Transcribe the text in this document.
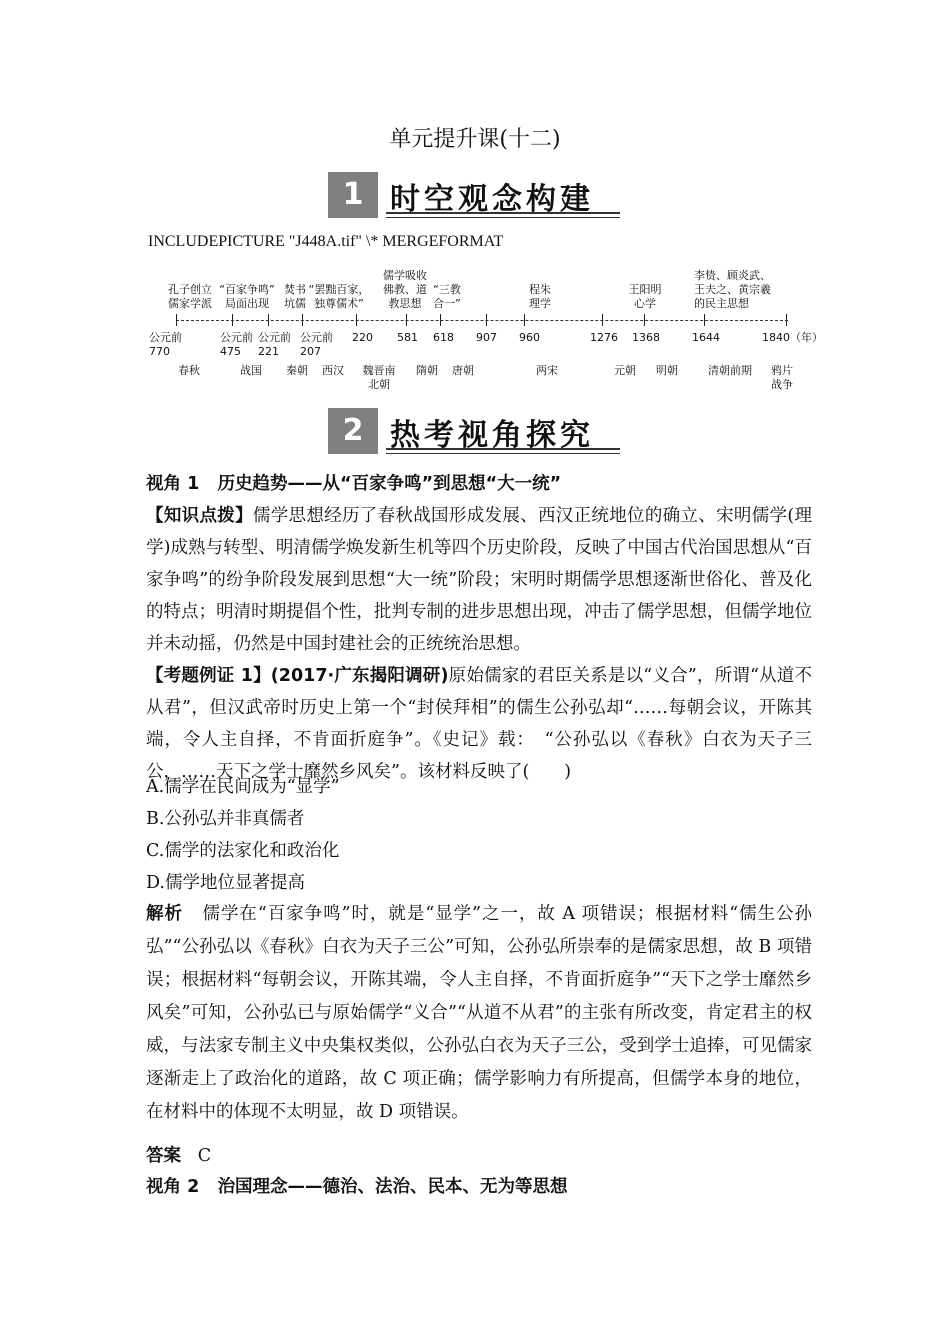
单元提升课(十二)
1 时空观念构建
INCLUDEPICTURE "J448A.tif" \* MERGEFORMAT
孔子创立
儒家学派
“百家争鸣”
局面出现
焚书
坑儒
“罢黜百家，
独尊儒术”
儒学吸收
佛教、道
教思想
“三教
合一”
程朱
理学
王阳明
心学
李贽、顾炎武、
王夫之、黄宗羲
的民主思想
公元前
770
公元前
475
公元前
221
公元前
207
220 581 618 907 960	1276 1368	1644	1840（年）
春秋	战国 秦朝 西汉	魏晋南
北朝
隋朝 唐朝	两宋	元朝 明朝	清朝前期 鸦片
战争
2 热考视角探究
视角 1 历史趋势——从“百家争鸣”到思想“大一统”
【知识点拨】儒学思想经历了春秋战国形成发展、西汉正统地位的确立、宋明儒学(理学)成熟与转型、明清儒学焕发新生机等四个历史阶段，反映了中国古代治国思想从“百家争鸣”的纷争阶段发展到思想“大一统”阶段；宋明时期儒学思想逐渐世俗化、普及化的特点；明清时期提倡个性，批判专制的进步思想出现，冲击了儒学思想，但儒学地位并未动摇，仍然是中国封建社会的正统统治思想。
【考题例证 1】(2017·广东揭阳调研)原始儒家的君臣关系是以“义合”，所谓“从道不从君”，但汉武帝时历史上第一个“封侯拜相”的儒生公孙弘却“……每朝会议，开陈其端，令人主自择，不肯面折庭争”。《史记》载：　“公孙弘以《春秋》白衣为天子三公，……天下之学士靡然乡风矣”。该材料反映了(　　)
A.儒学在民间成为“显学”
B.公孙弘并非真儒者
C.儒学的法家化和政治化
D.儒学地位显著提高
解析 儒学在“百家争鸣”时，就是“显学”之一，故 A 项错误；根据材料“儒生公孙弘”“公孙弘以《春秋》白衣为天子三公”可知，公孙弘所崇奉的是儒家思想，故 B 项错误；根据材料“每朝会议，开陈其端，令人主自择，不肯面折庭争”“天下之学士靡然乡风矣”可知，公孙弘已与原始儒学“义合”“从道不从君”的主张有所改变，肯定君主的权威，与法家专制主义中央集权类似，公孙弘白衣为天子三公，受到学士追捧，可见儒家逐渐走上了政治化的道路，故 C 项正确；儒学影响力有所提高，但儒学本身的地位，在材料中的体现不太明显，故 D 项错误。
答案 C
视角 2 治国理念——德治、法治、民本、无为等思想
